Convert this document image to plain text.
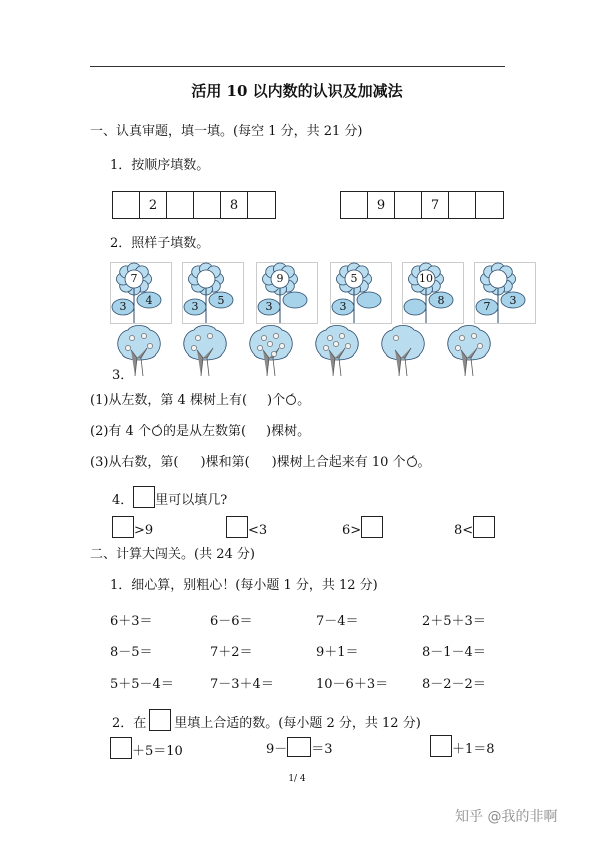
活用 10 以内数的认识及加减法
一、认真审题，填一填。(每空 1 分，共 21 分)
1．按顺序填数。
2	8	9	7
2．照样子填数。
7
3	4	3	5
9
3
5
3
10
8	7	3
3．
(1)从左数，第 4 棵树上有( )个 。
(2)有 4 个 的是从左数第( )棵树。
(3)从右数，第( )棵和第( )棵树上合起来有 10 个 。
4． 里可以填几?
>9	<3	6>	8<
二、计算大闯关。(共 24 分)
1．细心算，别粗心！(每小题 1 分，共 12 分)
6＋3＝	6－6＝	7－4＝	2＋5＋3＝
8－5＝	7＋2＝	9＋1＝	8－1－4＝
5＋5－4＝	7－3＋4＝	10－6＋3＝	8－2－2＝
2．在 里填上合适的数。(每小题 2 分，共 12 分)
＋5＝10	9－ ＝3	＋1＝8
1/ 4
知乎 @我的非啊
